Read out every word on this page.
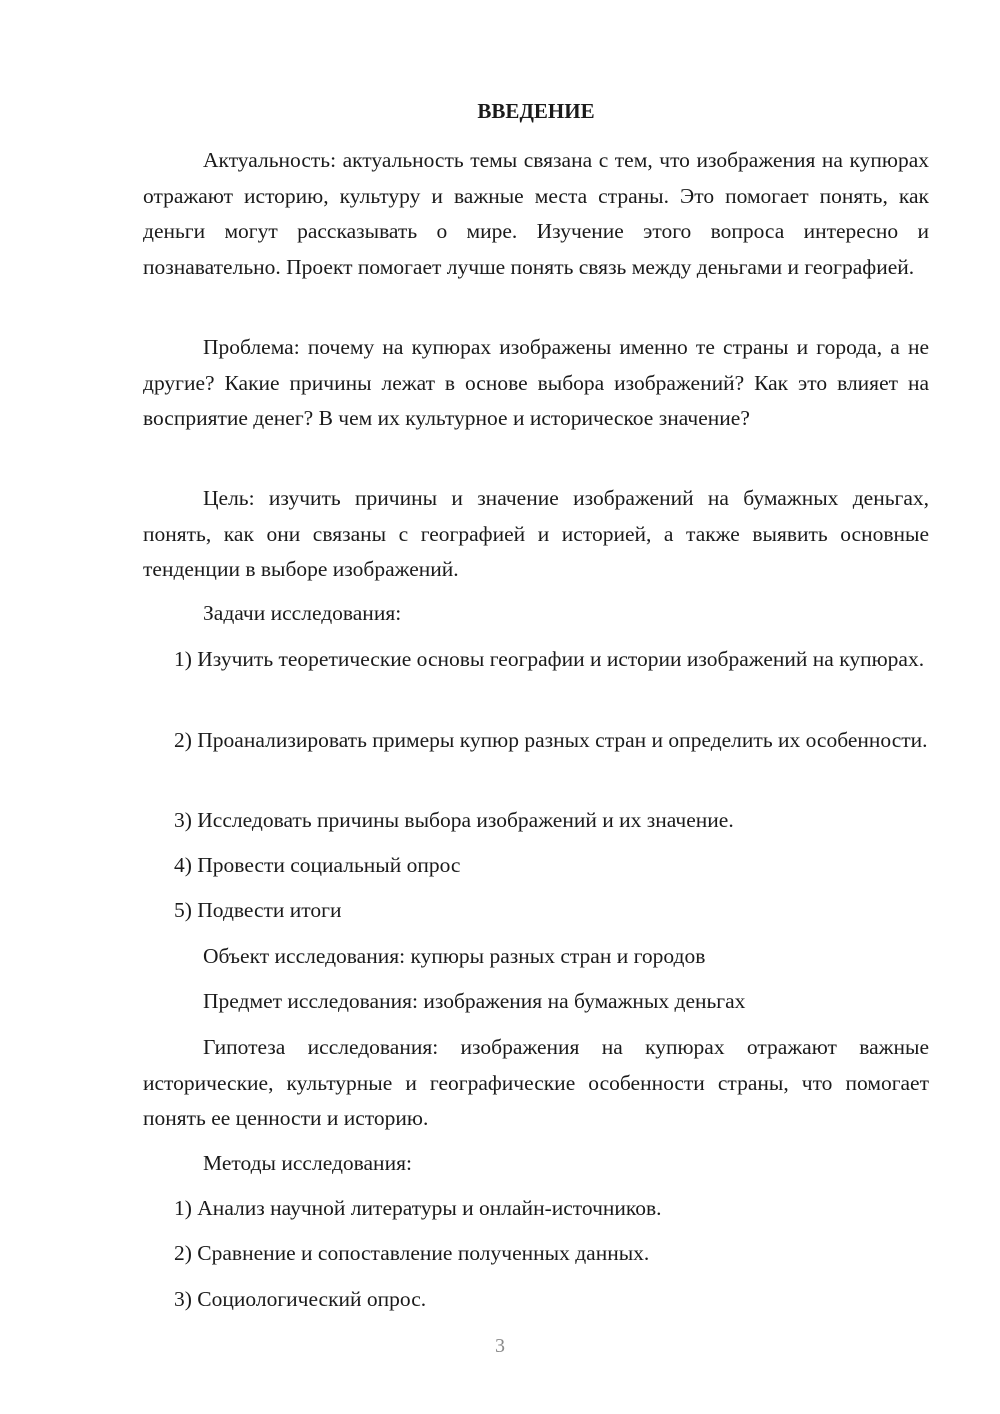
ВВЕДЕНИЕ

Актуальность: актуальность темы связана с тем, что изображения на купюрах отражают историю, культуру и важные места страны. Это помогает понять, как деньги могут рассказывать о мире. Изучение этого вопроса интересно и познавательно. Проект помогает лучше понять связь между деньгами и географией.

Проблема: почему на купюрах изображены именно те страны и города, а не другие? Какие причины лежат в основе выбора изображений? Как это влияет на восприятие денег? В чем их культурное и историческое значение?

Цель: изучить причины и значение изображений на бумажных деньгах, понять, как они связаны с географией и историей, а также выявить основные тенденции в выборе изображений.

Задачи исследования:

1) Изучить теоретические основы географии и истории изображений на купюрах.

2) Проанализировать примеры купюр разных стран и определить их особенности.

3) Исследовать причины выбора изображений и их значение.

4) Провести социальный опрос

5) Подвести итоги

Объект исследования: купюры разных стран и городов

Предмет исследования: изображения на бумажных деньгах

Гипотеза исследования: изображения на купюрах отражают важные исторические, культурные и географические особенности страны, что помогает понять ее ценности и историю.

Методы исследования:

1) Анализ научной литературы и онлайн-источников.

2) Сравнение и сопоставление полученных данных.

3) Социологический опрос.

3
